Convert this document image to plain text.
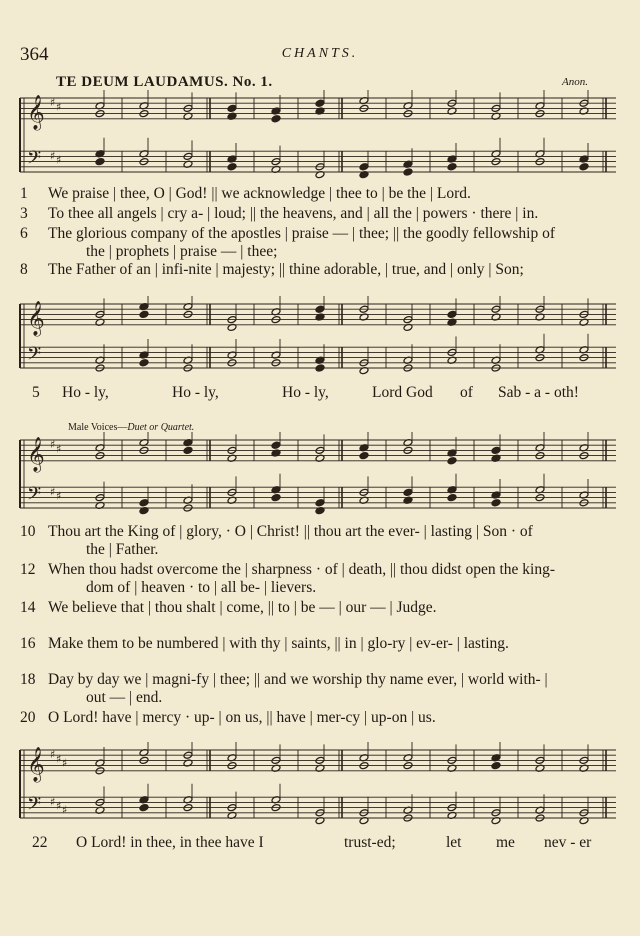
364	CHANTS.
TE DEUM LAUDAMUS. No. 1.	Anon.
𝄞
𝄢
♯
♯
♯
♯
1 We praise | thee, O | God! || we acknowledge | thee to | be the | Lord.
3 To thee all angels | cry a- | loud; || the heavens, and | all the | powers · there | in.
6 The glorious company of the apostles | praise — | thee; || the goodly fellowship of
the | prophets | praise — | thee;
8 The Father of an | infi-nite | majesty; || thine adorable, | true, and | only | Son;
𝄞
𝄢
5 Ho - ly,	Ho - ly,	Ho - ly,	Lord God of Sab - a - oth!
Male Voices—Duet or Quartet.
𝄞
𝄢
♯
♯
♯
♯
10 Thou art the King of | glory, · O | Christ! || thou art the ever- | lasting | Son · of
the | Father.
12 When thou hadst overcome the | sharpness · of | death, || thou didst open the king-
dom of | heaven · to | all be- | lievers.
14 We believe that | thou shalt | come, || to | be — | our — | Judge.
16 Make them to be numbered | with thy | saints, || in | glo-ry | ev-er- | lasting.
18 Day by day we | magni-fy | thee; || and we worship thy name ever, | world with- |
out — | end.
20 O Lord! have | mercy · up- | on us, || have | mer-cy | up-on | us.
𝄞
𝄢
♯
♯
♯
♯
♯
♯
22 O Lord! in thee, in thee have I	trust-ed;	let me nev - er
